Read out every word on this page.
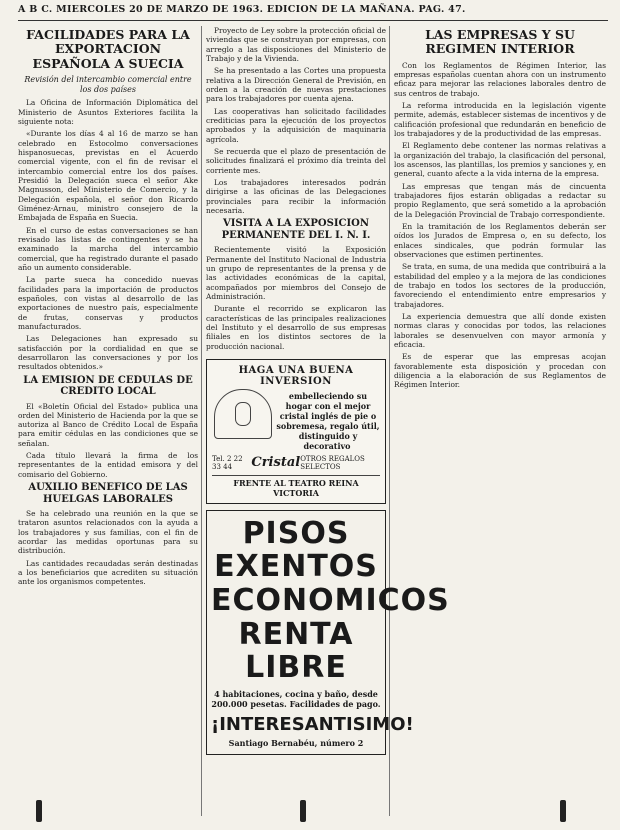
A B C. MIERCOLES 20 DE MARZO DE 1963. EDICION DE LA MAÑANA. PAG. 47.
FACILIDADES PARA LA EXPORTACION ESPAÑOLA A SUECIA
Revisión del intercambio comercial entre los dos países
La Oficina de Información Diplomática del Ministerio de Asuntos Exteriores facilita la siguiente nota:
«Durante los días 4 al 16 de marzo se han celebrado en Estocolmo conversaciones hispanosuecas, previstas en el Acuerdo comercial vigente, con el fin de revisar el intercambio comercial entre los dos países. Presidió la Delegación sueca el señor Ake Magnusson, del Ministerio de Comercio, y la Delegación española, el señor don Ricardo Giménez-Arnau, ministro consejero de la Embajada de España en Suecia.
En el curso de estas conversaciones se han revisado las listas de contingentes y se ha examinado la marcha del intercambio comercial, que ha registrado durante el pasado año un aumento considerable.
La parte sueca ha concedido nuevas facilidades para la importación de productos españoles, con vistas al desarrollo de las exportaciones de nuestro país, especialmente de frutas, conservas y productos manufacturados.
Las Delegaciones han expresado su satisfacción por la cordialidad en que se desarrollaron las conversaciones y por los resultados obtenidos.»
LA EMISION DE CEDULAS DE CREDITO LOCAL
El «Boletín Oficial del Estado» publica una orden del Ministerio de Hacienda por la que se autoriza al Banco de Crédito Local de España para emitir cédulas en las condiciones que se señalan.
Cada título llevará la firma de los representantes de la entidad emisora y del comisario del Gobierno.
AUXILIO BENEFICO DE LAS HUELGAS LABORALES
Se ha celebrado una reunión en la que se trataron asuntos relacionados con la ayuda a los trabajadores y sus familias, con el fin de acordar las medidas oportunas para su distribución.
Las cantidades recaudadas serán destinadas a los beneficiarios que acrediten su situación ante los organismos competentes.
Proyecto de Ley sobre la protección oficial de viviendas que se construyan por empresas, con arreglo a las disposiciones del Ministerio de Trabajo y de la Vivienda.
Se ha presentado a las Cortes una propuesta relativa a la Dirección General de Previsión, en orden a la creación de nuevas prestaciones para los trabajadores por cuenta ajena.
Las cooperativas han solicitado facilidades crediticias para la ejecución de los proyectos aprobados y la adquisición de maquinaria agrícola.
Se recuerda que el plazo de presentación de solicitudes finalizará el próximo día treinta del corriente mes.
Los trabajadores interesados podrán dirigirse a las oficinas de las Delegaciones provinciales para recibir la información necesaria.
VISITA A LA EXPOSICION PERMANENTE DEL I. N. I.
Recientemente visitó la Exposición Permanente del Instituto Nacional de Industria un grupo de representantes de la prensa y de las actividades económicas de la capital, acompañados por miembros del Consejo de Administración.
Durante el recorrido se explicaron las características de las principales realizaciones del Instituto y el desarrollo de sus empresas filiales en los distintos sectores de la producción nacional.
HAGA UNA BUENA INVERSION
embelleciendo su hogar con el mejor cristal inglés de pie o sobremesa, regalo útil, distinguido y decorativo
Tel. 2 22 33 44	Cristal OTROS REGALOS SELECTOS
FRENTE AL TEATRO REINA VICTORIA
PISOS
EXENTOS
ECONOMICOS
RENTA LIBRE
4 habitaciones, cocina y baño, desde 200.000 pesetas. Facilidades de pago.
¡INTERESANTISIMO!
Santiago Bernabéu, número 2
LAS EMPRESAS Y SU REGIMEN INTERIOR
Con los Reglamentos de Régimen Interior, las empresas españolas cuentan ahora con un instrumento eficaz para mejorar las relaciones laborales dentro de sus centros de trabajo.
La reforma introducida en la legislación vigente permite, además, establecer sistemas de incentivos y de calificación profesional que redundarán en beneficio de los trabajadores y de la productividad de las empresas.
El Reglamento debe contener las normas relativas a la organización del trabajo, la clasificación del personal, los ascensos, las plantillas, los premios y sanciones y, en general, cuanto afecte a la vida interna de la empresa.
Las empresas que tengan más de cincuenta trabajadores fijos estarán obligadas a redactar su propio Reglamento, que será sometido a la aprobación de la Delegación Provincial de Trabajo correspondiente.
En la tramitación de los Reglamentos deberán ser oídos los Jurados de Empresa o, en su defecto, los enlaces sindicales, que podrán formular las observaciones que estimen pertinentes.
Se trata, en suma, de una medida que contribuirá a la estabilidad del empleo y a la mejora de las condiciones de trabajo en todos los sectores de la producción, favoreciendo el entendimiento entre empresarios y trabajadores.
La experiencia demuestra que allí donde existen normas claras y conocidas por todos, las relaciones laborales se desenvuelven con mayor armonía y eficacia.
Es de esperar que las empresas acojan favorablemente esta disposición y procedan con diligencia a la elaboración de sus Reglamentos de Régimen Interior.
